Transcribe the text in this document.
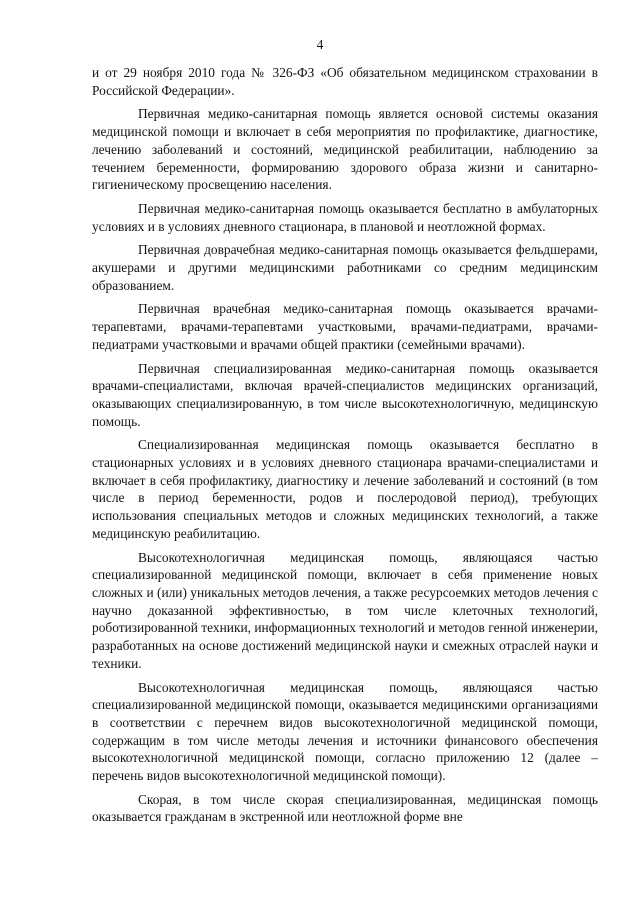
4

и от 29 ноября 2010 года № 326-ФЗ «Об обязательном медицинском страховании в Российской Федерации».

Первичная медико-санитарная помощь является основой системы оказания медицинской помощи и включает в себя мероприятия по профилактике, диагностике, лечению заболеваний и состояний, медицинской реабилитации, наблюдению за течением беременности, формированию здорового образа жизни и санитарно-гигиеническому просвещению населения.

Первичная медико-санитарная помощь оказывается бесплатно в амбулаторных условиях и в условиях дневного стационара, в плановой и неотложной формах.

Первичная доврачебная медико-санитарная помощь оказывается фельдшерами, акушерами и другими медицинскими работниками со средним медицинским образованием.

Первичная врачебная медико-санитарная помощь оказывается врачами-терапевтами, врачами-терапевтами участковыми, врачами-педиатрами, врачами-педиатрами участковыми и врачами общей практики (семейными врачами).

Первичная специализированная медико-санитарная помощь оказывается врачами-специалистами, включая врачей-специалистов медицинских организаций, оказывающих специализированную, в том числе высокотехнологичную, медицинскую помощь.

Специализированная медицинская помощь оказывается бесплатно в стационарных условиях и в условиях дневного стационара врачами-специалистами и включает в себя профилактику, диагностику и лечение заболеваний и состояний (в том числе в период беременности, родов и послеродовой период), требующих использования специальных методов и сложных медицинских технологий, а также медицинскую реабилитацию.

Высокотехнологичная медицинская помощь, являющаяся частью специализированной медицинской помощи, включает в себя применение новых сложных и (или) уникальных методов лечения, а также ресурсоемких методов лечения с научно доказанной эффективностью, в том числе клеточных технологий, роботизированной техники, информационных технологий и методов генной инженерии, разработанных на основе достижений медицинской науки и смежных отраслей науки и техники.

Высокотехнологичная медицинская помощь, являющаяся частью специализированной медицинской помощи, оказывается медицинскими организациями в соответствии с перечнем видов высокотехнологичной медицинской помощи, содержащим в том числе методы лечения и источники финансового обеспечения высокотехнологичной медицинской помощи, согласно приложению 12 (далее – перечень видов высокотехнологичной медицинской помощи).

Скорая, в том числе скорая специализированная, медицинская помощь оказывается гражданам в экстренной или неотложной форме вне
